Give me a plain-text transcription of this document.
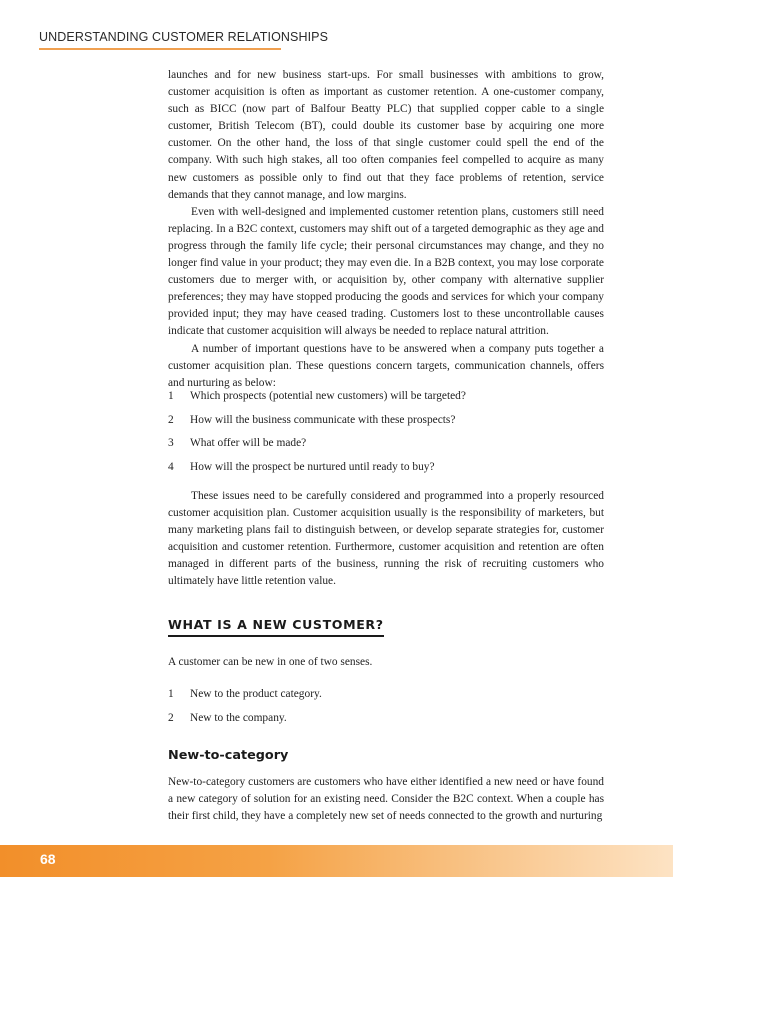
UNDERSTANDING CUSTOMER RELATIONSHIPS

launches and for new business start-ups. For small businesses with ambitions to grow, customer acquisition is often as important as customer retention. A one-customer company, such as BICC (now part of Balfour Beatty PLC) that supplied copper cable to a single customer, British Telecom (BT), could double its customer base by acquiring one more customer. On the other hand, the loss of that single customer could spell the end of the company. With such high stakes, all too often companies feel compelled to acquire as many new customers as possible only to find out that they face problems of retention, service demands that they cannot manage, and low margins.

Even with well-designed and implemented customer retention plans, customers still need replacing. In a B2C context, customers may shift out of a targeted demographic as they age and progress through the family life cycle; their personal circumstances may change, and they no longer find value in your product; they may even die. In a B2B context, you may lose corporate customers due to merger with, or acquisition by, other company with alternative supplier preferences; they may have stopped producing the goods and services for which your company provided input; they may have ceased trading. Customers lost to these uncontrollable causes indicate that customer acquisition will always be needed to replace natural attrition.

A number of important questions have to be answered when a company puts together a customer acquisition plan. These questions concern targets, communication channels, offers and nurturing as below:

1 Which prospects (potential new customers) will be targeted?
2 How will the business communicate with these prospects?
3 What offer will be made?
4 How will the prospect be nurtured until ready to buy?

These issues need to be carefully considered and programmed into a properly resourced customer acquisition plan. Customer acquisition usually is the responsibility of marketers, but many marketing plans fail to distinguish between, or develop separate strategies for, customer acquisition and customer retention. Furthermore, customer acquisition and retention are often managed in different parts of the business, running the risk of recruiting customers who ultimately have little retention value.

WHAT IS A NEW CUSTOMER?

A customer can be new in one of two senses.

1 New to the product category.
2 New to the company.
New-to-category

New-to-category customers are customers who have either identified a new need or have found a new category of solution for an existing need. Consider the B2C context. When a couple has their first child, they have a completely new set of needs connected to the growth and nurturing

68
